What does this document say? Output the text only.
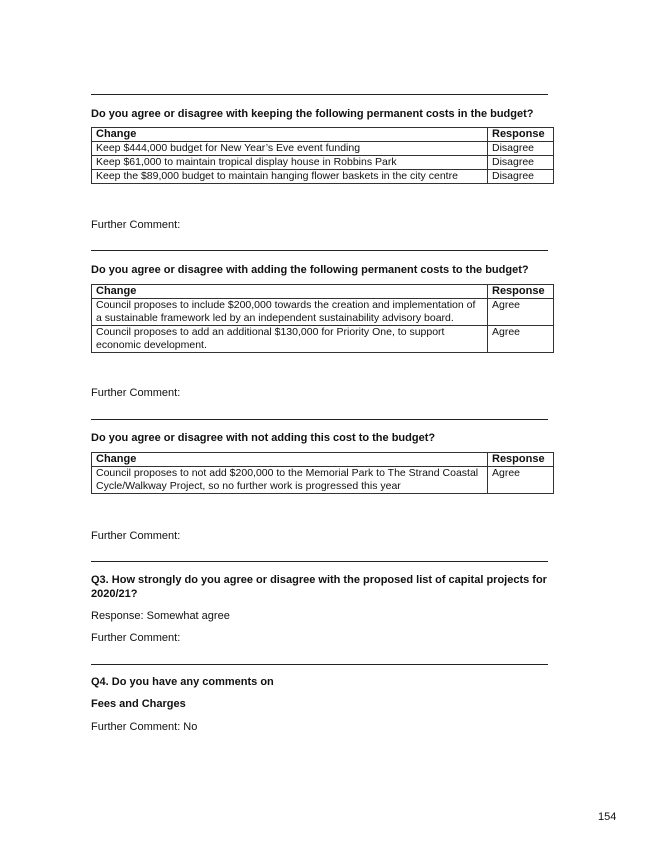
Do you agree or disagree with keeping the following permanent costs in the budget?
Change	Response
Keep $444,000 budget for New Year’s Eve event funding	Disagree
Keep $61,000 to maintain tropical display house in Robbins Park	Disagree
Keep the $89,000 budget to maintain hanging flower baskets in the city centre	Disagree
Further Comment:
Do you agree or disagree with adding the following permanent costs to the budget?
Change	Response
Council proposes to include $200,000 towards the creation and implementation of a sustainable framework led by an independent sustainability advisory board.	Agree
Council proposes to add an additional $130,000 for Priority One, to support economic development.	Agree
Further Comment:
Do you agree or disagree with not adding this cost to the budget?
Change	Response
Council proposes to not add $200,000 to the Memorial Park to The Strand Coastal Cycle/Walkway Project, so no further work is progressed this year	Agree
Further Comment:
Q3. How strongly do you agree or disagree with the proposed list of capital projects for 2020/21?
Response: Somewhat agree
Further Comment:
Q4. Do you have any comments on
Fees and Charges
Further Comment: No
154
